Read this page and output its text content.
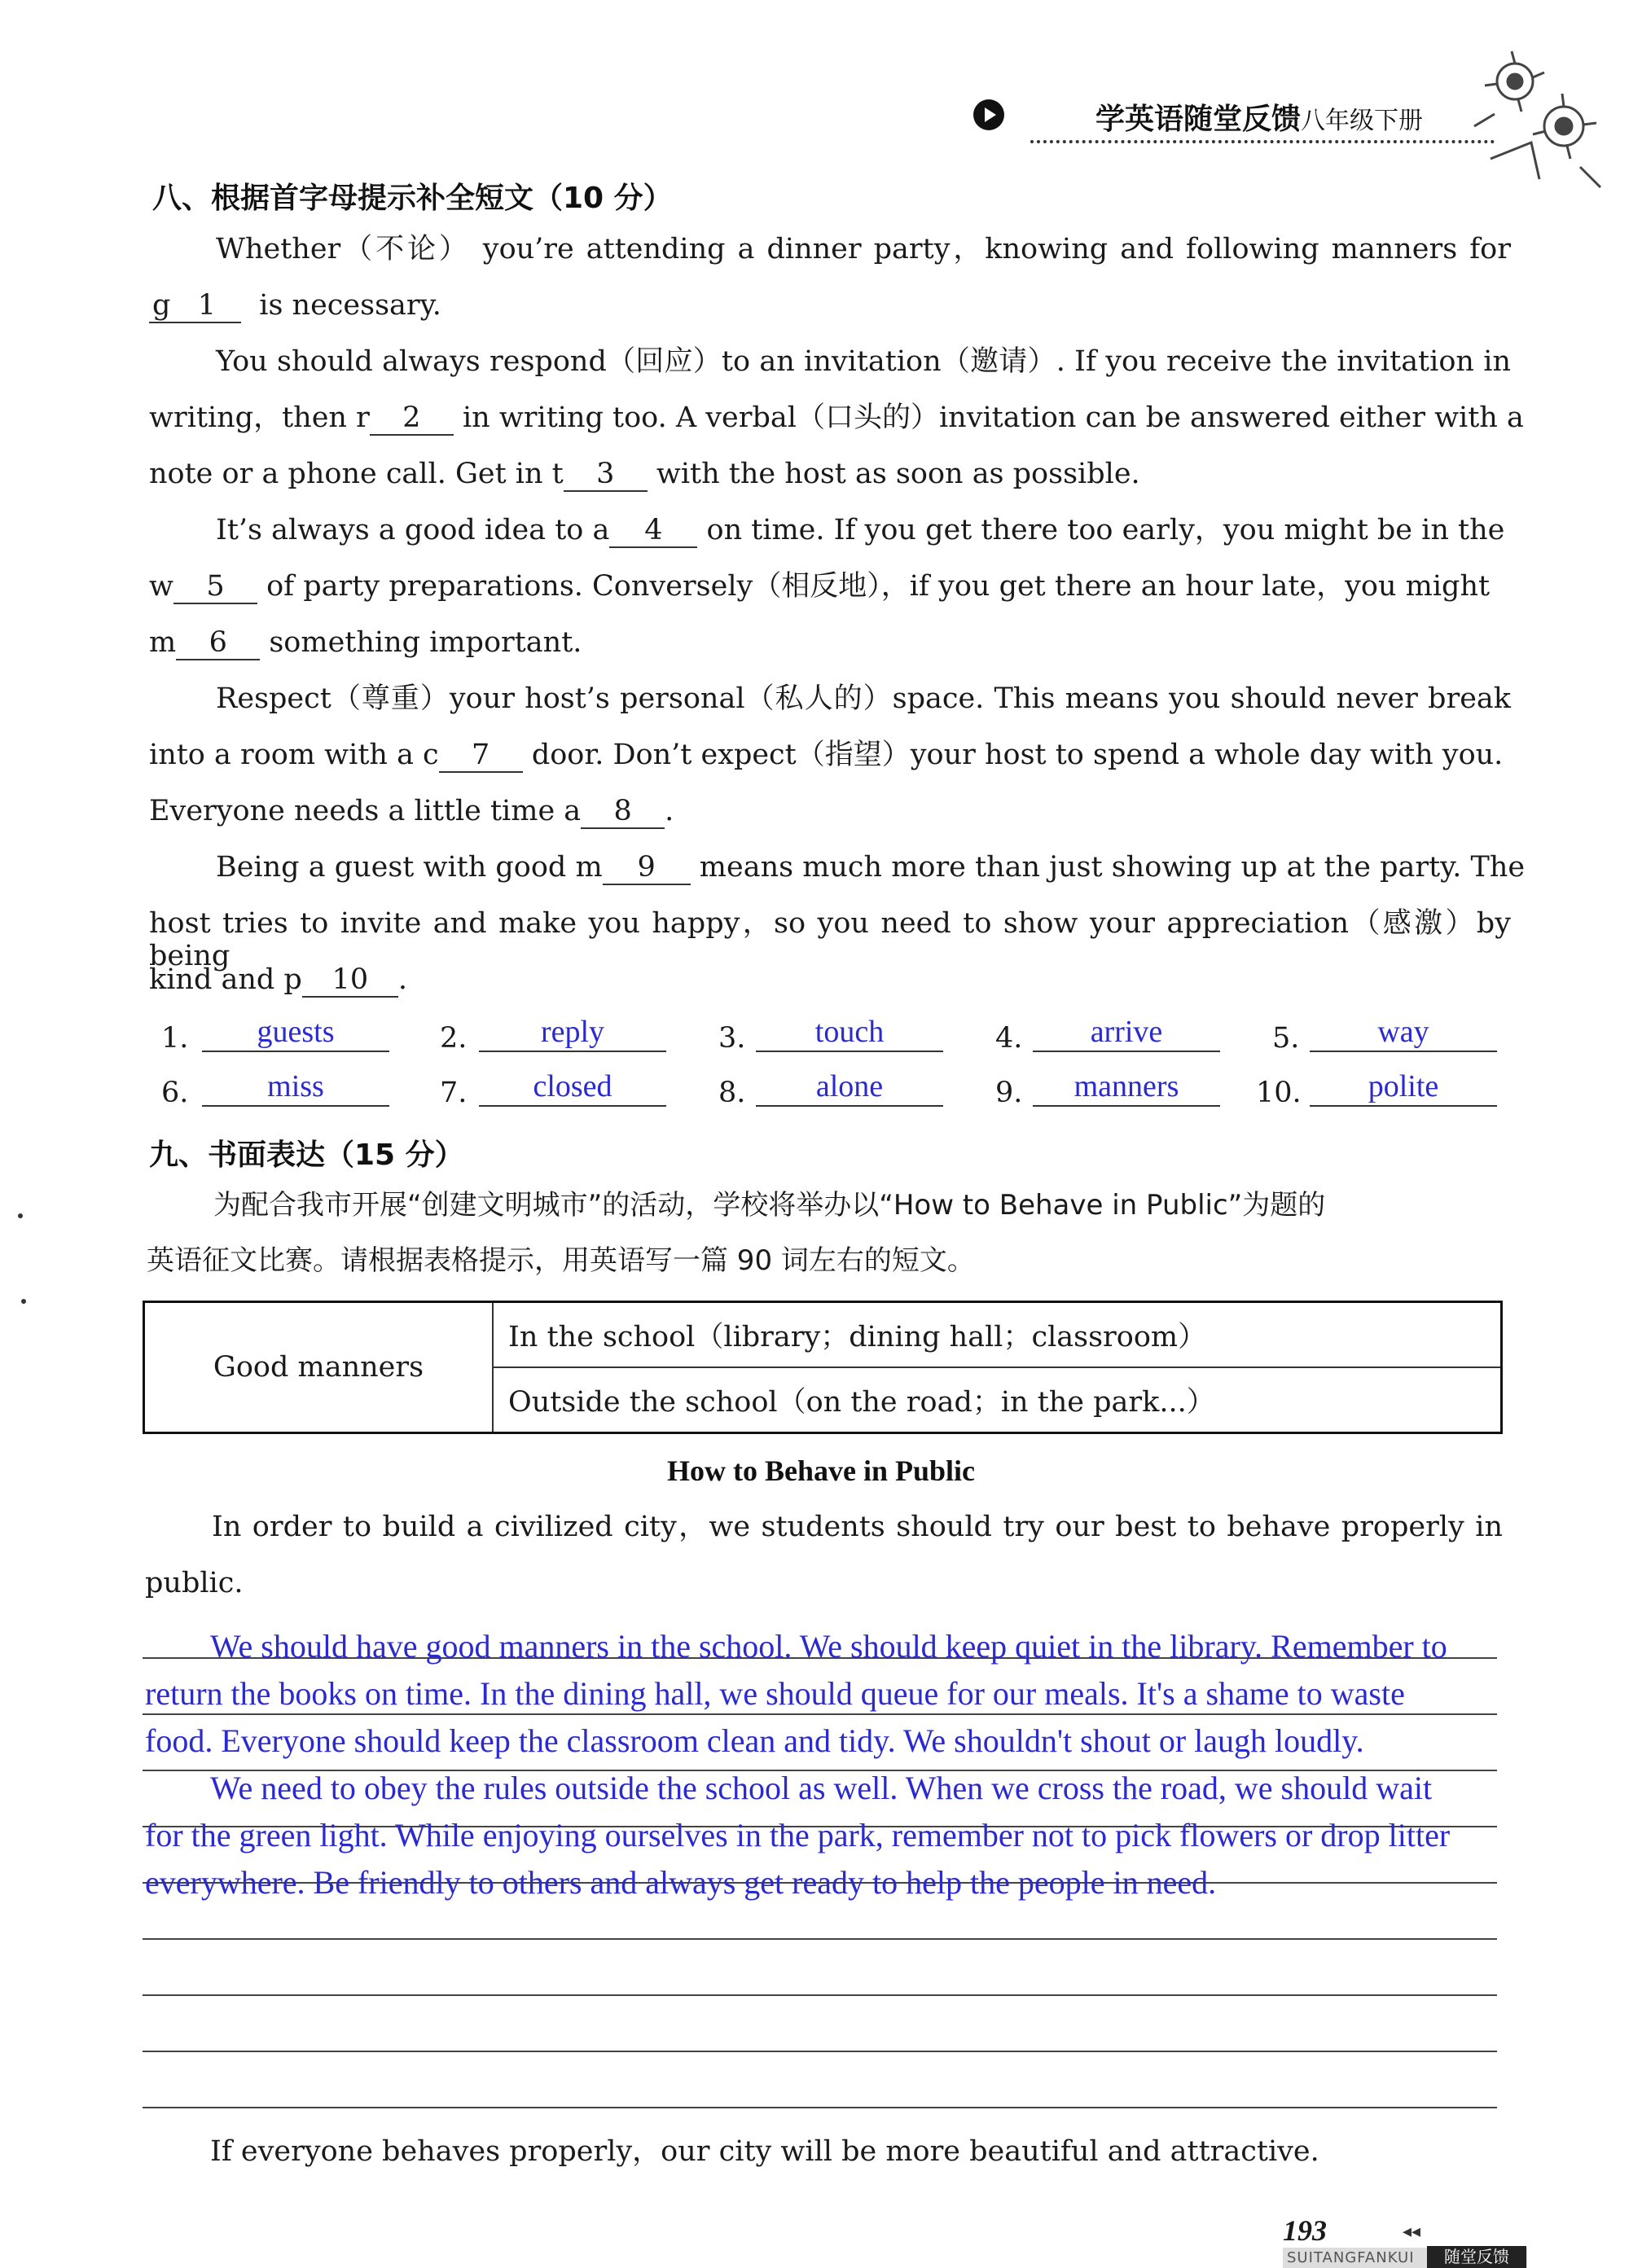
学英语随堂反馈八年级下册
八、根据首字母提示补全短文（10 分）
Whether（不论） you’re attending a dinner party，knowing and following manners for
g 1 is necessary.
You should always respond（回应）to an invitation（邀请）. If you receive the invitation in
writing，then r 2 in writing too. A verbal（口头的）invitation can be answered either with a
note or a phone call. Get in t 3 with the host as soon as possible.
It’s always a good idea to a 4 on time. If you get there too early，you might be in the
w 5 of party preparations. Conversely（相反地），if you get there an hour late，you might
m 6 something important.
Respect（尊重）your host’s personal（私人的）space. This means you should never break
into a room with a c 7 door. Don’t expect（指望）your host to spend a whole day with you.
Everyone needs a little time a 8 .
Being a guest with good m 9 means much more than just showing up at the party. The
host tries to invite and make you happy，so you need to show your appreciation（感激）by being
kind and p 10 .
1.	guests	2.	reply	3.	touch	4.	arrive	5.	way
6.	miss	7.	closed	8.	alone	9.	manners	10.	polite
九、书面表达（15 分）
为配合我市开展“创建文明城市”的活动，学校将举办以“How to Behave in Public”为题的
英语征文比赛。请根据表格提示，用英语写一篇 90 词左右的短文。
Good manners	In the school（library；dining hall；classroom）
Outside the school（on the road；in the park...）
How to Behave in Public
In order to build a civilized city，we students should try our best to behave properly in
public.
We should have good manners in the school. We should keep quiet in the library. Remember to
return the books on time. In the dining hall, we should queue for our meals. It's a shame to waste
food. Everyone should keep the classroom clean and tidy. We shouldn't shout or laugh loudly.
We need to obey the rules outside the school as well. When we cross the road, we should wait
for the green light. While enjoying ourselves in the park, remember not to pick flowers or drop litter
everywhere. Be friendly to others and always get ready to help the people in need.
If everyone behaves properly，our city will be more beautiful and attractive.
193	◂◂
SUITANGFANKUI	随堂反馈
